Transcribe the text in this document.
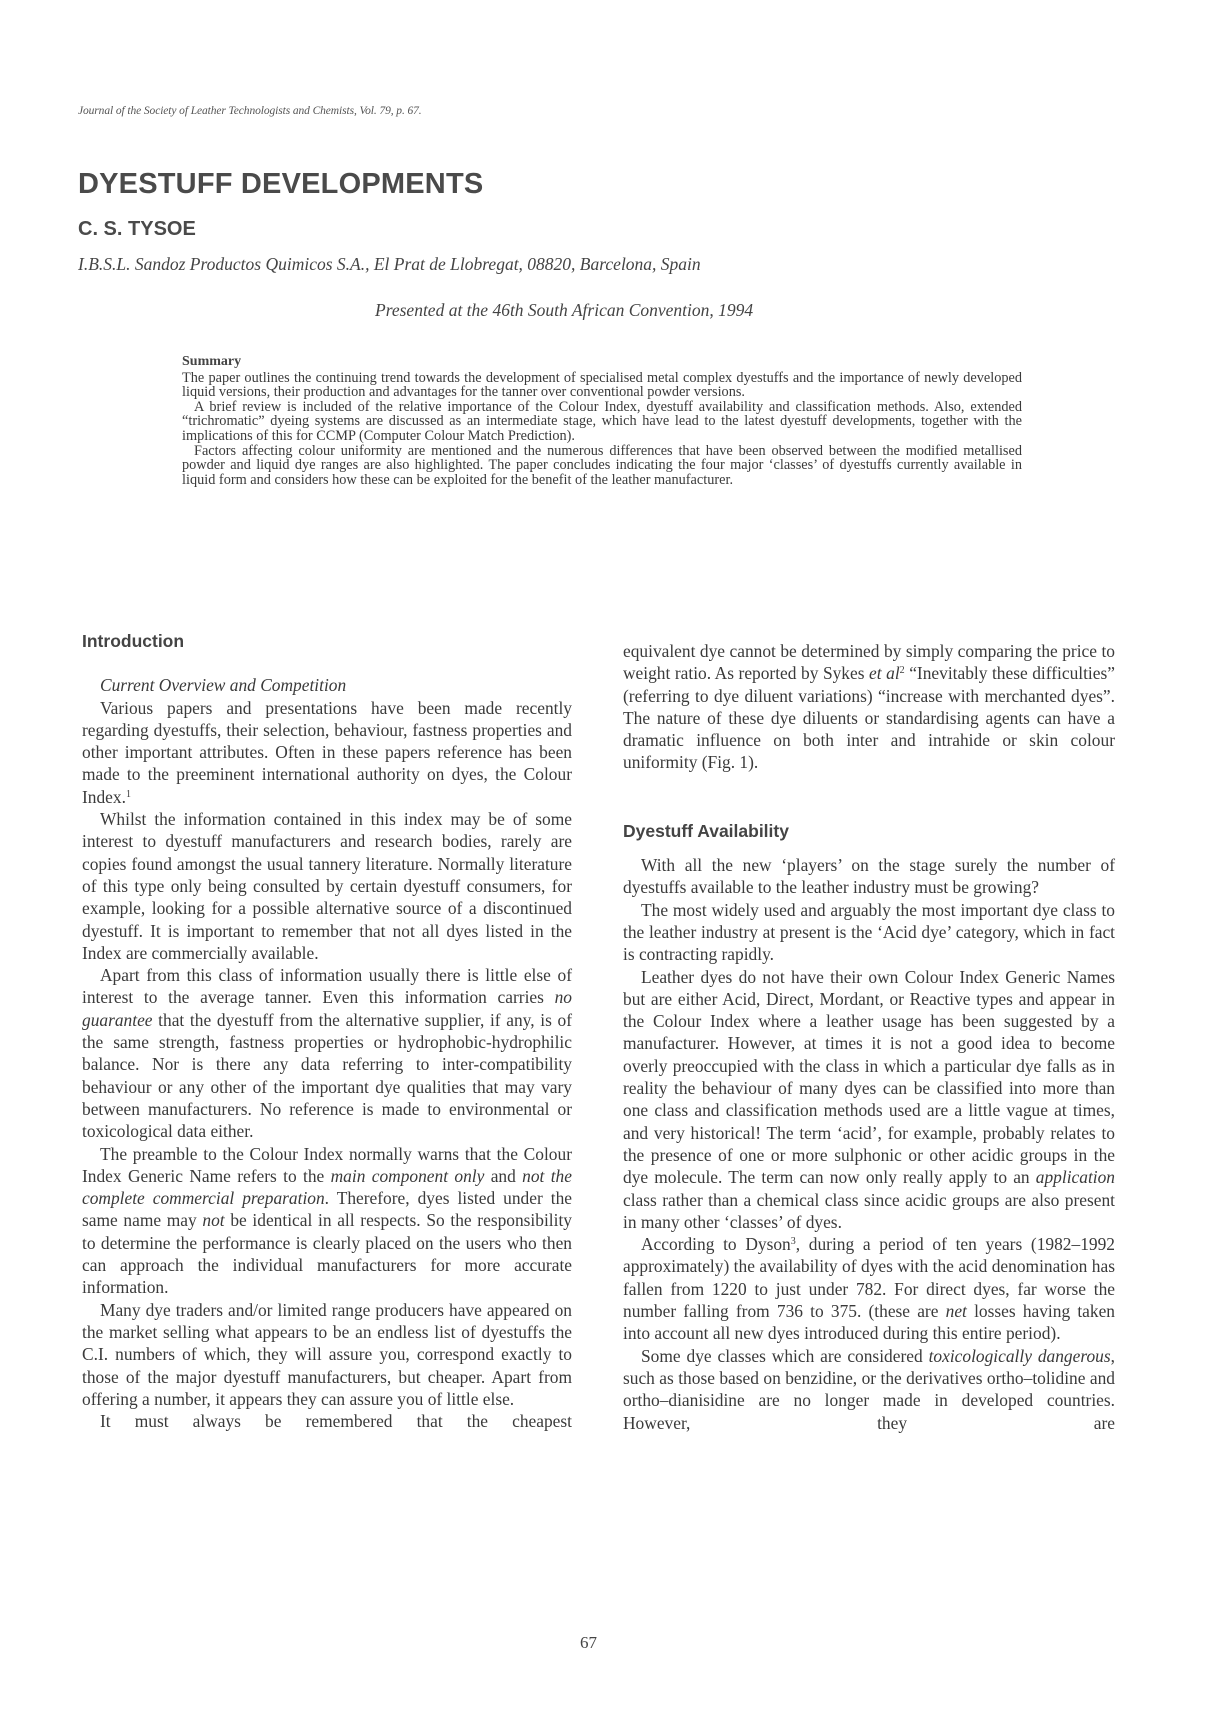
Journal of the Society of Leather Technologists and Chemists, Vol. 79, p. 67.
DYESTUFF DEVELOPMENTS
C. S. TYSOE
I.B.S.L. Sandoz Productos Quimicos S.A., El Prat de Llobregat, 08820, Barcelona, Spain
Presented at the 46th South African Convention, 1994
Summary

The paper outlines the continuing trend towards the development of specialised metal complex dyestuffs and the importance of newly developed liquid versions, their production and advantages for the tanner over conventional powder versions.

A brief review is included of the relative importance of the Colour Index, dyestuff availability and classification methods. Also, extended “trichromatic” dyeing systems are discussed as an intermediate stage, which have lead to the latest dyestuff developments, together with the implications of this for CCMP (Computer Colour Match Prediction).

Factors affecting colour uniformity are mentioned and the numerous differences that have been observed between the modified metallised powder and liquid dye ranges are also highlighted. The paper concludes indicating the four major ‘classes’ of dyestuffs currently available in liquid form and considers how these can be exploited for the benefit of the leather manufacturer.

Introduction

Current Overview and Competition

Various papers and presentations have been made recently regarding dyestuffs, their selection, behaviour, fastness properties and other important attributes. Often in these papers reference has been made to the preeminent international authority on dyes, the Colour Index.$^1$

Whilst the information contained in this index may be of some interest to dyestuff manufacturers and research bodies, rarely are copies found amongst the usual tannery literature. Normally literature of this type only being consulted by certain dyestuff consumers, for example, looking for a possible alternative source of a discontinued dyestuff. It is important to remember that not all dyes listed in the Index are commercially available.

Apart from this class of information usually there is little else of interest to the average tanner. Even this information carries no guarantee that the dyestuff from the alternative supplier, if any, is of the same strength, fastness properties or hydrophobic-hydrophilic balance. Nor is there any data referring to inter-compatibility behaviour or any other of the important dye qualities that may vary between manufacturers. No reference is made to environmental or toxicological data either.

The preamble to the Colour Index normally warns that the Colour Index Generic Name refers to the main component only and not the complete commercial preparation. Therefore, dyes listed under the same name may not be identical in all respects. So the responsibility to determine the performance is clearly placed on the users who then can approach the individual manufacturers for more accurate information.

Many dye traders and/or limited range producers have appeared on the market selling what appears to be an endless list of dyestuffs the C.I. numbers of which, they will assure you, correspond exactly to those of the major dyestuff manufacturers, but cheaper. Apart from offering a number, it appears they can assure you of little else.

It must always be remembered that the cheapest

equivalent dye cannot be determined by simply comparing the price to weight ratio. As reported by Sykes et $al^2$ “Inevitably these difficulties” (referring to dye diluent variations) “increase with merchanted dyes”. The nature of these dye diluents or standardising agents can have a dramatic influence on both inter and intrahide or skin colour uniformity (Fig. 1).

Dyestuff Availability

With all the new ‘players’ on the stage surely the number of dyestuffs available to the leather industry must be growing?

The most widely used and arguably the most important dye class to the leather industry at present is the ‘Acid dye’ category, which in fact is contracting rapidly.

Leather dyes do not have their own Colour Index Generic Names but are either Acid, Direct, Mordant, or Reactive types and appear in the Colour Index where a leather usage has been suggested by a manufacturer. However, at times it is not a good idea to become overly preoccupied with the class in which a particular dye falls as in reality the behaviour of many dyes can be classified into more than one class and classification methods used are a little vague at times, and very historical! The term ‘acid’, for example, probably relates to the presence of one or more sulphonic or other acidic groups in the dye molecule. The term can now only really apply to an application class rather than a chemical class since acidic groups are also present in many other ‘classes’ of dyes.

According to Dyson$^3$, during a period of ten years (1982–1992 approximately) the availability of dyes with the acid denomination has fallen from 1220 to just under 782. For direct dyes, far worse the number falling from 736 to 375. (these are net losses having taken into account all new dyes introduced during this entire period).

Some dye classes which are considered toxicologically dangerous, such as those based on benzidine, or the derivatives ortho–tolidine and ortho–dianisidine are no longer made in developed countries. However, they are

67
